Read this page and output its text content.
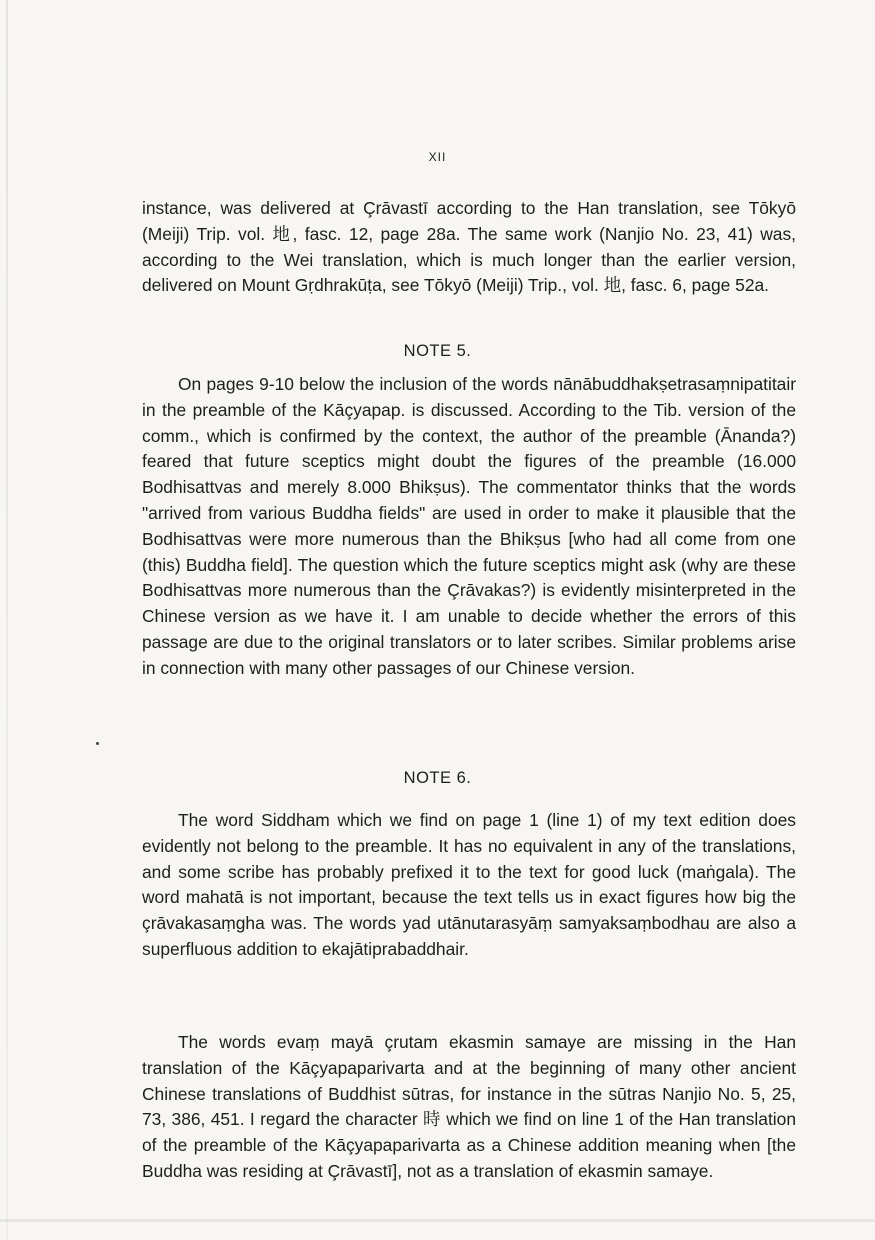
XII

instance, was delivered at Çrāvastī according to the Han translation, see Tōkyō (Meiji) Trip. vol. 地, fasc. 12, page 28a. The same work (Nanjio No. 23, 41) was, according to the Wei translation, which is much longer than the earlier version, delivered on Mount Gṛdhrakūṭa, see Tōkyō (Meiji) Trip., vol. 地, fasc. 6, page 52a.

NOTE 5.

On pages 9-10 below the inclusion of the words nānābuddhakṣetrasaṃnipatitair in the preamble of the Kāçyapap. is discussed. According to the Tib. version of the comm., which is confirmed by the context, the author of the preamble (Ānanda?) feared that future sceptics might doubt the figures of the preamble (16.000 Bodhisattvas and merely 8.000 Bhikṣus). The commentator thinks that the words "arrived from various Buddha fields" are used in order to make it plausible that the Bodhisattvas were more numerous than the Bhikṣus [who had all come from one (this) Buddha field]. The question which the future sceptics might ask (why are these Bodhisattvas more numerous than the Çrāvakas?) is evidently misinterpreted in the Chinese version as we have it. I am unable to decide whether the errors of this passage are due to the original translators or to later scribes. Similar problems arise in connection with many other passages of our Chinese version.

NOTE 6.

The word Siddham which we find on page 1 (line 1) of my text edition does evidently not belong to the preamble. It has no equivalent in any of the translations, and some scribe has probably prefixed it to the text for good luck (maṅgala). The word mahatā is not important, because the text tells us in exact figures how big the çrāvakasaṃgha was. The words yad utānutarasyāṃ samyaksaṃbodhau are also a superfluous addition to ekajātiprabaddhair.

The words evaṃ mayā çrutam ekasmin samaye are missing in the Han translation of the Kāçyapaparivarta and at the beginning of many other ancient Chinese translations of Buddhist sūtras, for instance in the sūtras Nanjio No. 5, 25, 73, 386, 451. I regard the character 時 which we find on line 1 of the Han translation of the preamble of the Kāçyapaparivarta as a Chinese addition meaning when [the Buddha was residing at Çrāvastī], not as a translation of ekasmin samaye.
